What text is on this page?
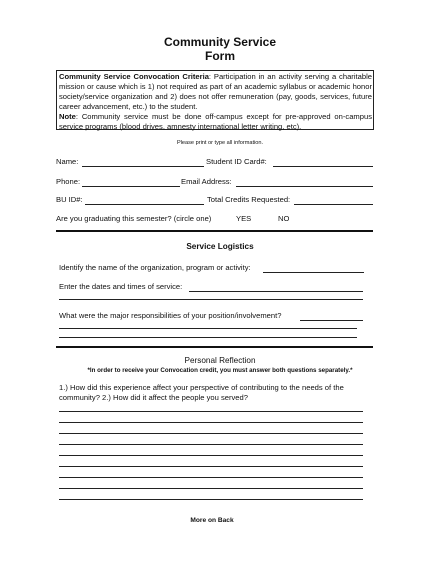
Community Service
Form
Community Service Convocation Criteria: Participation in an activity serving a charitable mission or cause which is 1) not required as part of an academic syllabus or academic honor society/service organization and 2) does not offer remuneration (pay, goods, services, future career advancement, etc.) to the student.
Note: Community service must be done off-campus except for pre-approved on-campus service programs (blood drives, amnesty international letter writing, etc).
Please print or type all information.
Name:	Student ID Card#:
Phone:	Email Address:
BU ID#:	Total Credits Requested:
Are you graduating this semester? (circle one)	YES	NO
Service Logistics
Identify the name of the organization, program or activity:
Enter the dates and times of service:
What were the major responsibilities of your position/involvement?
Personal Reflection
*In order to receive your Convocation credit, you must answer both questions separately.*
1.) How did this experience affect your perspective of contributing to the needs of the community? 2.) How did it affect the people you served?
More on Back
